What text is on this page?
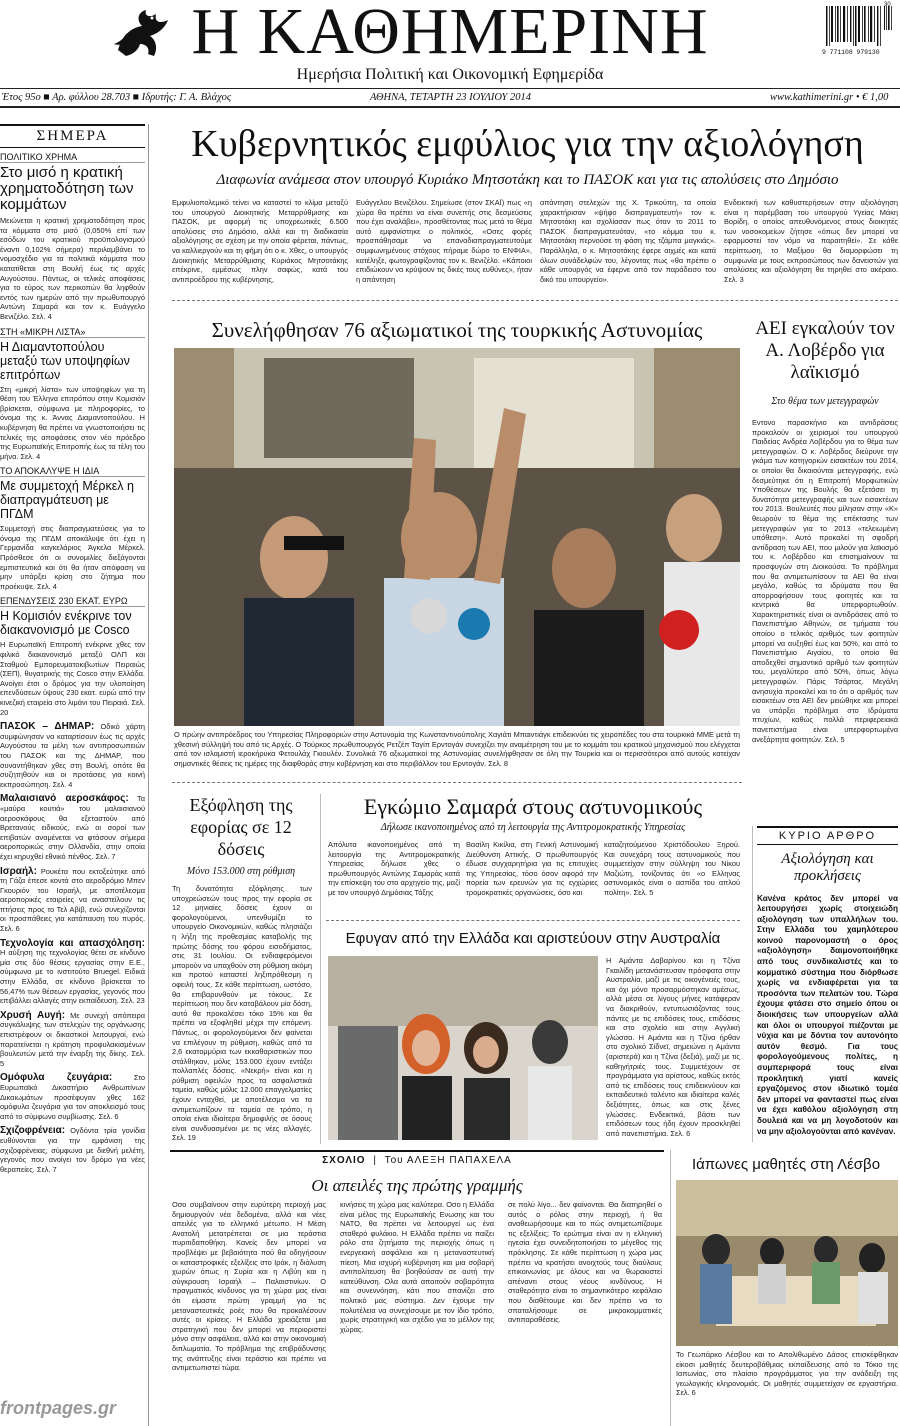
Η ΚΑΘΗΜΕΡΙΝΗ
Ημερήσια Πολιτική και Οικονομική Εφημερίδα
30
9 771108 979130
Έτος 95ο ■ Αρ. φύλλου 28.703 ■ Ιδρυτής: Γ. Α. Βλάχος	ΑΘΗΝΑ, ΤΕΤΑΡΤΗ 23 ΙΟΥΛΙΟΥ 2014	www.kathimerini.gr • € 1,00
ΣΗΜΕΡΑ
ΠΟΛΙΤΙΚΟ ΧΡΗΜΑ
Στο μισό η κρατική χρηματοδότηση των κομμάτων
Μειώνεται η κρατική χρηματοδότηση προς τα κόμματα στο μισό (0,050% επί των εσόδων του κρατικού προϋπολογισμού έναντι 0,102% σήμερα) περιλαμβάνει το νομοσχέδιο για τα πολιτικά κόμματα που κατατίθεται στη Βουλή έως τις αρχές Αυγούστου. Πάντως, οι τελικές αποφάσεις για το εύρος των περικοπών θα ληφθούν εντός των ημερών από την πρωθυπουργό Αντώνη Σαμαρά και τον κ. Ευάγγελο Βενιζέλο. Σελ. 4
ΣΤΗ «ΜΙΚΡΗ ΛΙΣΤΑ»
Η Διαμαντοπούλου μεταξύ των υποψηφίων επιτρόπων
Στη «μικρή λίστα» των υποψηφίων για τη θέση του Έλληνα επιτρόπου στην Κομισιόν βρίσκεται, σύμφωνα με πληροφορίες, το όνομα της κ. Άννας Διαμαντοπούλου. Η κυβέρνηση θα πρέπει να γνωστοποιήσει τις τελικές της αποφάσεις στον νέο πρόεδρο της Ευρωπαϊκής Επιτροπής έως τα τέλη του μήνα. Σελ. 4
ΤΟ ΑΠΟΚΑΛΥΨΕ Η ΙΔΙΑ
Με συμμετοχή Μέρκελ η διαπραγμάτευση με ΠΓΔΜ
Συμμετοχή στις διαπραγματεύσεις για το όνομα της ΠΓΔΜ αποκάλυψε ότι έχει η Γερμανίδα καγκελάριος Άγκελα Μέρκελ. Πρόσθεσε ότι οι συνομιλίες διεξάγονται εμπιστευτικά και ότι θα ήταν απόφαση να μην υπάρξει κρίση στο ζήτημα που προέκυψε. Σελ. 4
ΕΠΕΝΔΥΣΕΙΣ 230 ΕΚΑΤ. ΕΥΡΩ
Η Κομισιόν ενέκρινε τον διακανονισμό με Cosco
Η Ευρωπαϊκή Επιτροπή ενέκρινε χθες τον φιλικό διακανονισμό μεταξύ ΟΛΠ και Σταθμού Εμπορευματοκιβωτίων Πειραιώς (ΣΕΠ), θυγατρικής της Cosco στην Ελλάδα. Ανοίγει έτσι ο δρόμος για την υλοποίηση επενδύσεων ύψους 230 εκατ. ευρώ από την κινεζική εταιρεία στο λιμάνι του Πειραιά. Σελ. 20
ΠΑΣΟΚ – ΔΗΜΑΡ: Οδικό χάρτη συμφώνησαν να καταρτίσουν έως τις αρχές Αυγούστου τα μέλη των αντιπροσωπειών του ΠΑΣΟΚ και της ΔΗΜΑΡ, που συναντήθηκαν χθες στη Βουλή, οπότε θα συζητηθούν και οι προτάσεις για κοινή εκπροσώπηση. Σελ. 4
Μαλαισιανό αεροσκάφος: Τα «μαύρα κουτιά» του μαλαισιανού αεροσκάφους θα εξεταστούν από Βρετανούς ειδικούς, ενώ οι σοροί των επιβατών αναμένεται να φτάσουν σήμερα αεροπορικώς στην Ολλανδία, στην οποία έχει κηρυχθεί εθνικό πένθος. Σελ. 7
Ισραήλ: Ρουκέτα που εκτοξεύτηκε από τη Γάζα έπεσε κοντά στο αεροδρόμιο Μπεν Γκουριόν του Ισραήλ, με αποτέλεσμα αεροπορικές εταιρείες να αναστείλουν τις πτήσεις προς το Τελ Αβίβ, ενώ συνεχίζονται οι προσπάθειες για κατάπαυση του πυρός. Σελ. 6
Τεχνολογία και απασχόληση: Η αύξηση της τεχνολογίας θέτει σε κίνδυνο μία στις δύο θέσεις εργασίας στην Ε.Ε., σύμφωνα με το ινστιτούτο Bruegel. Ειδικά στην Ελλάδα, σε κίνδυνο βρίσκεται το 56,47% των θέσεων εργασίας, γεγονός που επιβάλλει αλλαγές στην εκπαίδευση. Σελ. 23
Χρυσή Αυγή: Με συνεχή απόπειρα συγκάλυψης των στελεχών της οργάνωσης επιστρέφουν οι δικαστικοί λειτουργοί, ενώ παρατείνεται η κράτηση προφυλακισμένων βουλευτών μετά την έναρξη της δίκης. Σελ. 5
Ομόφυλα ζευγάρια:	Στο Ευρωπαϊκό Δικαστήριο Ανθρωπίνων Δικαιωμάτων προσέφυγαν χθες 162 ομόφυλα ζευγάρια για τον αποκλεισμό τους από το σύμφωνο συμβίωσης. Σελ. 6
Σχιζοφρένεια: Ογδόντα τρία γονίδια ευθύνονται για την εμφάνιση της σχιζοφρένειας, σύμφωνα με διεθνή μελέτη, γεγονός που ανοίγει τον δρόμο για νέες θεραπείες. Σελ. 7
Κυβερνητικός εμφύλιος για την αξιολόγηση
Διαφωνία ανάμεσα στον υπουργό Κυριάκο Μητσοτάκη και το ΠΑΣΟΚ και για τις απολύσεις στο Δημόσιο
Εμφυλιοπολεμικό τείνει να καταστεί το κλίμα μεταξύ του υπουργού Διοικητικής Μεταρρύθμισης και ΠΑΣΟΚ, με αφορμή τις υποχρεωτικές 6.500 απολύσεις στο Δημόσιο, αλλά και τη διαδικασία αξιολόγησης σε σχέση με την οποία φέρεται, πάντως, να καλλιεργούν και τη φήμη ότι ο κ. Χθες, ο υπουργός Διοικητικής Μεταρρύθμισης Κυριάκος Μητσοτάκης επέκρινε, εμμέσως πλην σαφώς, κατά του αντιπροέδρου της κυβέρνησης,
Ευάγγελου Βενιζέλου. Σημείωσε (στον ΣΚΑΪ) πως «η χώρα θα πρέπει να είναι συνεπής στις δεσμεύσεις που έχει αναλάβει», προσθέτοντας πως μετά το θέμα αυτό εμφανίστηκε ο πολιτικός. «Οσες φορές προσπάθησαμε να επαναδιαπραγματευτούμε συμφωνημένους στόχους πήραμε δώρο το ΕΝΦΙΑ», κατέληξε, φωτογραφίζοντας τον κ. Βενιζέλο. «Κάποιοι επιδιώκουν να κρύψουν τις δικές τους ευθύνες», ήταν η απάντηση
απάντηση στελεχών της Χ. Τρικούπη, τα οποία χαρακτήρισαν «ψήφο διαπραγματευτή» τον κ. Μητσοτάκη και σχολίασαν πως όταν το 2011 το ΠΑΣΟΚ διαπραγματευόταν, «το κόμμα του κ. Μητσοτάκη περνούσε τη φάση της τζάμπα μαγκιάς». Παράλληλα, ο κ. Μητσοτάκης έφερε αιχμές και κατά όλων συνάδελφών του, λέγοντας πως «θα πρέπει ο κάθε υπουργός να έφερνε από τον παράδεισο του δικό του υπουργείο».
Ενδεικτική των καθυστερήσεων στην αξιολόγηση είναι η παρέμβαση του υπουργού Υγείας Μάκη Βορίδη, ο οποίος απευθυνόμενος στους διοικητές των νοσοκομείων ζήτησε «όπως δεν μπορεί να εφαρμοστεί τον νόμο να παραιτηθεί». Σε κάθε περίπτωση, το Μαξίμου θα διαμορφώσει τη συμφωνία με τους εκπροσώπους των δανειστών για απολύσεις και αξιολόγηση θα τηρηθεί στο ακέραιο. Σελ. 3
Συνελήφθησαν 76 αξιωματικοί της τουρκικής Αστυνομίας
ΑΡΧΕΙΟ / ΣΙΜΕΛΕΣ
Ο πρώην αντιπρόεδρος του Υπηρεσίας Πληροφοριών στην Αστυνομία της Κωνσταντινούπολης Χαγιάτι Μπαιντιάγκ επιδεικνύει τις χειροπέδες του στα τουρκικά ΜΜΕ μετά τη χθεσινή σύλληψή του από τις Αρχές. Ο Τούρκος πρωθυπουργός Ρετζέπ Ταγίπ Ερντογάν συνεχίζει την αναμέτρηση του με το κομμάτι του κρατικού μηχανισμού που ελέγχεται από τον ισλαμιστή ιεροκήρυκα Φετουλάχ Γκιουλέν. Συνολικά 76 αξιωματικοί της Αστυνομίας συνελήφθησαν σε όλη την Τουρκία και οι περισσότεροι από αυτούς κατείχαν σημαντικές θέσεις τις ημέρες της διαφθοράς στην κυβέρνηση και στο περιβάλλον του Ερντογάν. Σελ. 8
ΑΕΙ εγκαλούν τον Α. Λοβέρδο για λαϊκισμό
Στο θέμα των μετεγγραφών
Εντονο παρασκήνιο και αντιδράσεις προκαλούν οι χειρισμοί του υπουργού Παιδείας Ανδρέα Λοβέρδου για το θέμα των μετεγγραφών. Ο κ. Λοβέρδος διεύρυνε την γκάμα των κατηγοριών εισακτέων του 2014, οι οποίοι θα δικαιούνται μετεγγραφής, ενώ δεσμεύτηκε ότι η Επιτροπή Μορφωτικών Υποθέσεων της Βουλής θα εξετάσει τη δυνατότητα μετεγγραφής και των εισακτέων του 2013. Βουλευτές που μίλησαν στην «Κ» θεωρούν το θέμα της επέκτασης των μετεγγραφών για το 2013 «τελειωμένη υπόθεση». Αυτό προκαλεί τη σφοδρή αντίδραση των ΑΕΙ, που μιλούν για λαϊκισμό του κ. Λοβέρδου και επισημαίνουν τα προσφυγών στη Διοικούσα. Το πρόβλημα που θα αντιμετωπίσουν τα ΑΕΙ θα είναι μεγάλο, καθώς τα ιδρύματα που θα απορροφήσουν τους φοιτητές και τα κεντρικά θα υπερφορτωθούν. Χαρακτηριστικές είναι οι αντιδράσεις από το Πανεπιστήμιο Αθηνών, σε τμήματα του οποίου ο τελικός αριθμός των φοιτητών μπορεί να αυξηθεί έως και 50%, και από το Πανεπιστήμιο Αιγαίου, το οποίο θα αποδεχθεί σημαντικό αριθμό των φοιτητών του, μεγαλύτερο από 50%, όπως λόγω μετεγγραφών. Πάρις Τσάρτας. Μεγάλη ανησυχία προκαλεί και το ότι ο αριθμός των εισακτέων στα ΑΕΙ δεν μειώθηκε και μπορεί να υπάρξει πρόβλημα στο Ιδρύματα πτυχίων, καθώς πολλά περιφερειακά πανεπιστήμια είναι υπερφορτωμένα ανεξάρτητα φοιτητών. Σελ. 5
Εξόφληση της εφορίας σε 12 δόσεις
Μόνο 153.000 στη ρύθμιση
Τη δυνατότητα εξόφλησης των υποχρεώσεών τους προς την εφορία σε 12 μηνιαίες δόσεις έχουν οι φορολογούμενοι, υπενθυμίζει το υπουργείο Οικονομικών, καθώς πλησιάζει η λήξη της προθεσμίας καταβολής της πρώτης δόσης του φόρου εισοδήματος, στις 31 Ιουλίου. Οι ενδιαφερόμενοι μπορούν να υπαχθούν στη ρύθμιση ακόμη και προτού καταστεί ληξιπρόθεσμη η οφειλή τους. Σε κάθε περίπτωση, ωστόσο, θα επιβαρυνθούν με τόκους. Σε περίπτωση που δεν καταβάλουν μία δόση, αυτό θα προκαλέσει τόκο 15% και θα πρέπει να εξοφληθεί μέχρι την επόμενη. Πάντως, οι φορολογούμενοι δεν φαίνεται να επιλέγουν τη ρύθμιση, καθώς από τα 2,6 εκατομμύρια των εκκαθαριστικών που στάλθηκαν, μόλις 153.000 έχουν εντάξει πολλαπλές δόσεις. «Νεκρή» είναι και η ρύθμιση οφειλών προς τα ασφαλιστικά ταμεία, καθώς μόλις 12.000 επαγγελματίες έχουν ενταχθεί, με αποτέλεσμα να τα αντιμετωπίζουν τα ταμεία σε τρόπο, η οποία είναι ιδιαίτερα δημοφιλής σε όσους είναι συνδυασμένοι με τις νέες αλλαγές. Σελ. 19
Εγκώμιο Σαμαρά στους αστυνομικούς
Δήλωσε ικανοποιημένος από τη λειτουργία της Αντιτρομοκρατικής Υπηρεσίας
Απόλυτα ικανοποιημένος από τη λειτουργία της Αντιτρομοκρατικής Υπηρεσίας δήλωσε χθες ο πρωθυπουργός Αντώνης Σαμαράς κατά την επίσκεψη του στο αρχηγείο της, μαζί με τον υπουργό Δημόσιας Τάξης
Βασίλη Κικίλια, στη Γενική Αστυνομική Διεύθυνση Αττικής. Ο πρωθυπουργός έδωσε συγχαρητήρια για τις επιτυχίες της Υπηρεσίας, τόσο όσον αφορά την πορεία των ερευνών για τις εγχώριες τρομοκρατικές οργανώσεις, όσο και
καταζητούμενου Χριστόδουλου Ξηρού. Και συνεχάρη τους αστυνομικούς που συμμετείχαν στην σύλληψη του Νίκου Μαζιώτη, τονίζοντας ότι «ο Ελληνας αστυνομικός είναι ο ασπίδα του απλού πολίτη». Σελ. 5
Εφυγαν από την Ελλάδα και αριστεύουν στην Αυστραλία
Η Αμάντα Δαβαρίνου και η Τζίνα Γκαιλίδη μετανάστευσαν πρόσφατα στην Αυστραλία, μαζί με τις οικογένειές τους, και όχι μόνο προσαρμόστηκαν αμέσως, αλλά μέσα σε λίγους μήνες κατάφεραν να διακριθούν, εντυπωσιάζοντας τους πάντες με τις επιδόσεις τους, επιδόσεις και στο σχολείο και στην Αγγλική γλώσσα. Η Αμάντα και η Τζίνα ήρθαν στο σχολικό Σίδνεϊ, σημειώνει η Αμάντα (αριστερά) και η Τζίνα (δεξιά), μαζί με τις καθηγήτριές τους. Συμμετέχουν σε προγράμματα για αρίστους, καθώς εκτός από τις επιδόσεις τους επιδεικνύουν και εκπαιδευτικό ταλέντο και ιδιαίτερα καλές δεξιότητες, όπως και στις ξένες γλώσσες. Ενδεικτικά, βάσει των επιδόσεων τους ήδη έχουν προσκληθεί από πανεπιστήμια. Σελ. 6
ΚΥΡΙΟ ΑΡΘΡΟ
Αξιολόγηση και προκλήσεις
Κανένα κράτος δεν μπορεί να λειτουργήσει χωρίς στοιχειώδη αξιολόγηση των υπαλλήλων του. Στην Ελλάδα του χαμηλότερου κοινού παρονομαστή ο όρος «αξιολόγηση» δαιμονοποιήθηκε από τους συνδικαλιστές και το κομματικό σύστημα που διόρθωσε χωρίς να ενδιαφέρεται για τα προσόντα των πελατών του. Τώρα έχουμε φτάσει στο σημείο όπου οι διοικήσεις των υπουργείων αλλά και όλοι οι υπουργοί πιέζονται με νύχια και με δόντια τον αυτονόητο αυτόν θεσμό. Για τους φορολογούμενους πολίτες, η συμπεριφορά τους είναι προκλητική γιατί κανείς εργαζόμενος στον ιδιωτικό τομέα δεν μπορεί να φανταστεί πως είναι να έχει καθόλου αξιολόγηση στη δουλειά και να μη λογοδοτούν και να μην αξιολογούνται από κανέναν.
ΣΧΟΛΙΟ | Του ΑΛΕΞΗ ΠΑΠΑΧΕΛΑ
Οι απειλές της πρώτης γραμμής
Οσο συμβαίνουν στην ευρύτερη περιοχή μας δημιουργούν νέα δεδομένα, αλλά και νέες απειλές για το ελληνικό μέτωπο. Η Μέση Ανατολή μετατρέπεται σε μια τεράστια πυριτιδαποθήκη. Κανείς δεν μπορεί να προβλέψει με βεβαιότητα πού θα οδηγήσουν οι καταστροφικές εξελίξεις στο Ιράκ, η διάλυση χωρών όπως η Συρία και η Λιβύη και η σύγκρουση Ισραήλ – Παλαιστινίων. Ο πραγματικός κίνδυνος για τη χώρα μας είναι ότι είμαστε πρώτη γραμμή για τις μεταναστευτικές ροές που θα προκαλέσουν αυτές οι κρίσεις. Η Ελλάδα χρειάζεται μια στρατηγική που δεν μπορεί να περιοριστεί μόνο στην ασφάλεια, αλλά και στην οικονομική διπλωματία. Το πρόβλημα της επιβράδυνσης της ανάπτυξης είναι τεράστιο και πρέπει να αντιμετωπιστεί τώρα.
κινήσεις τη χώρα μας καλύτερα. Οσο η Ελλάδα είναι μέλος της Ευρωπαϊκής Ενωσης και του ΝΑΤΟ, θα πρέπει να λειτουργεί ως ένα σταθερό φυλάκιο. Η Ελλάδα πρέπει να παίξει ρόλο στα ζητήματα της περιοχής όπως η ενεργειακή ασφάλεια και η μεταναστευτική πίεση. Μια ισχυρή κυβέρνηση και μια σοβαρή αντιπολίτευση θα βοηθούσαν σε αυτή την κατεύθυνση. Ολα αυτά απαιτούν σοβαρότητα και συνεννόηση, κάτι που σπανίζει στο πολιτικό μας σύστημα. Δεν έχουμε την πολυτέλεια να συνεχίσουμε με τον ίδιο τρόπο, χωρίς στρατηγική και σχέδιο για το μέλλον της χώρας.
σε πολύ λίγο... δεν φαίνονται. Θα διατηρηθεί ο αυτός ο ρόλος στην περιοχή, ή θα αναθεωρήσουμε και το πώς αντιμετωπίζουμε τις εξελίξεις; Το ερώτημα είναι αν η ελληνική ηγεσία έχει συνειδητοποιήσει το μέγεθος της πρόκλησης. Σε κάθε περίπτωση η χώρα μας πρέπει να κρατήσει ανοιχτούς τους διαύλους επικοινωνίας με όλους και να θωρακιστεί απέναντι στους νέους κινδύνους. Η σταθερότητα είναι το σημαντικότερο κεφάλαιο που διαθέτουμε και δεν πρέπει να το σπαταλήσουμε σε μικροκομματικές αντιπαραθέσεις.
Ιάπωνες μαθητές στη Λέσβο
ΑΠΕ / ΜΠΕ
Το Γεωπάρκο Λέσβου και το Απολιθωμένο Δάσος επισκέφθηκαν είκοσι μαθητές δευτεροβάθμιας εκπαίδευσης από το Τόκιο της Ιαπωνίας, στο πλαίσιο προγράμματος για την ανάδειξη της γεωλογικής κληρονομιάς. Οι μαθητές συμμετείχαν σε εργαστήρια. Σελ. 6
frontpages.gr
